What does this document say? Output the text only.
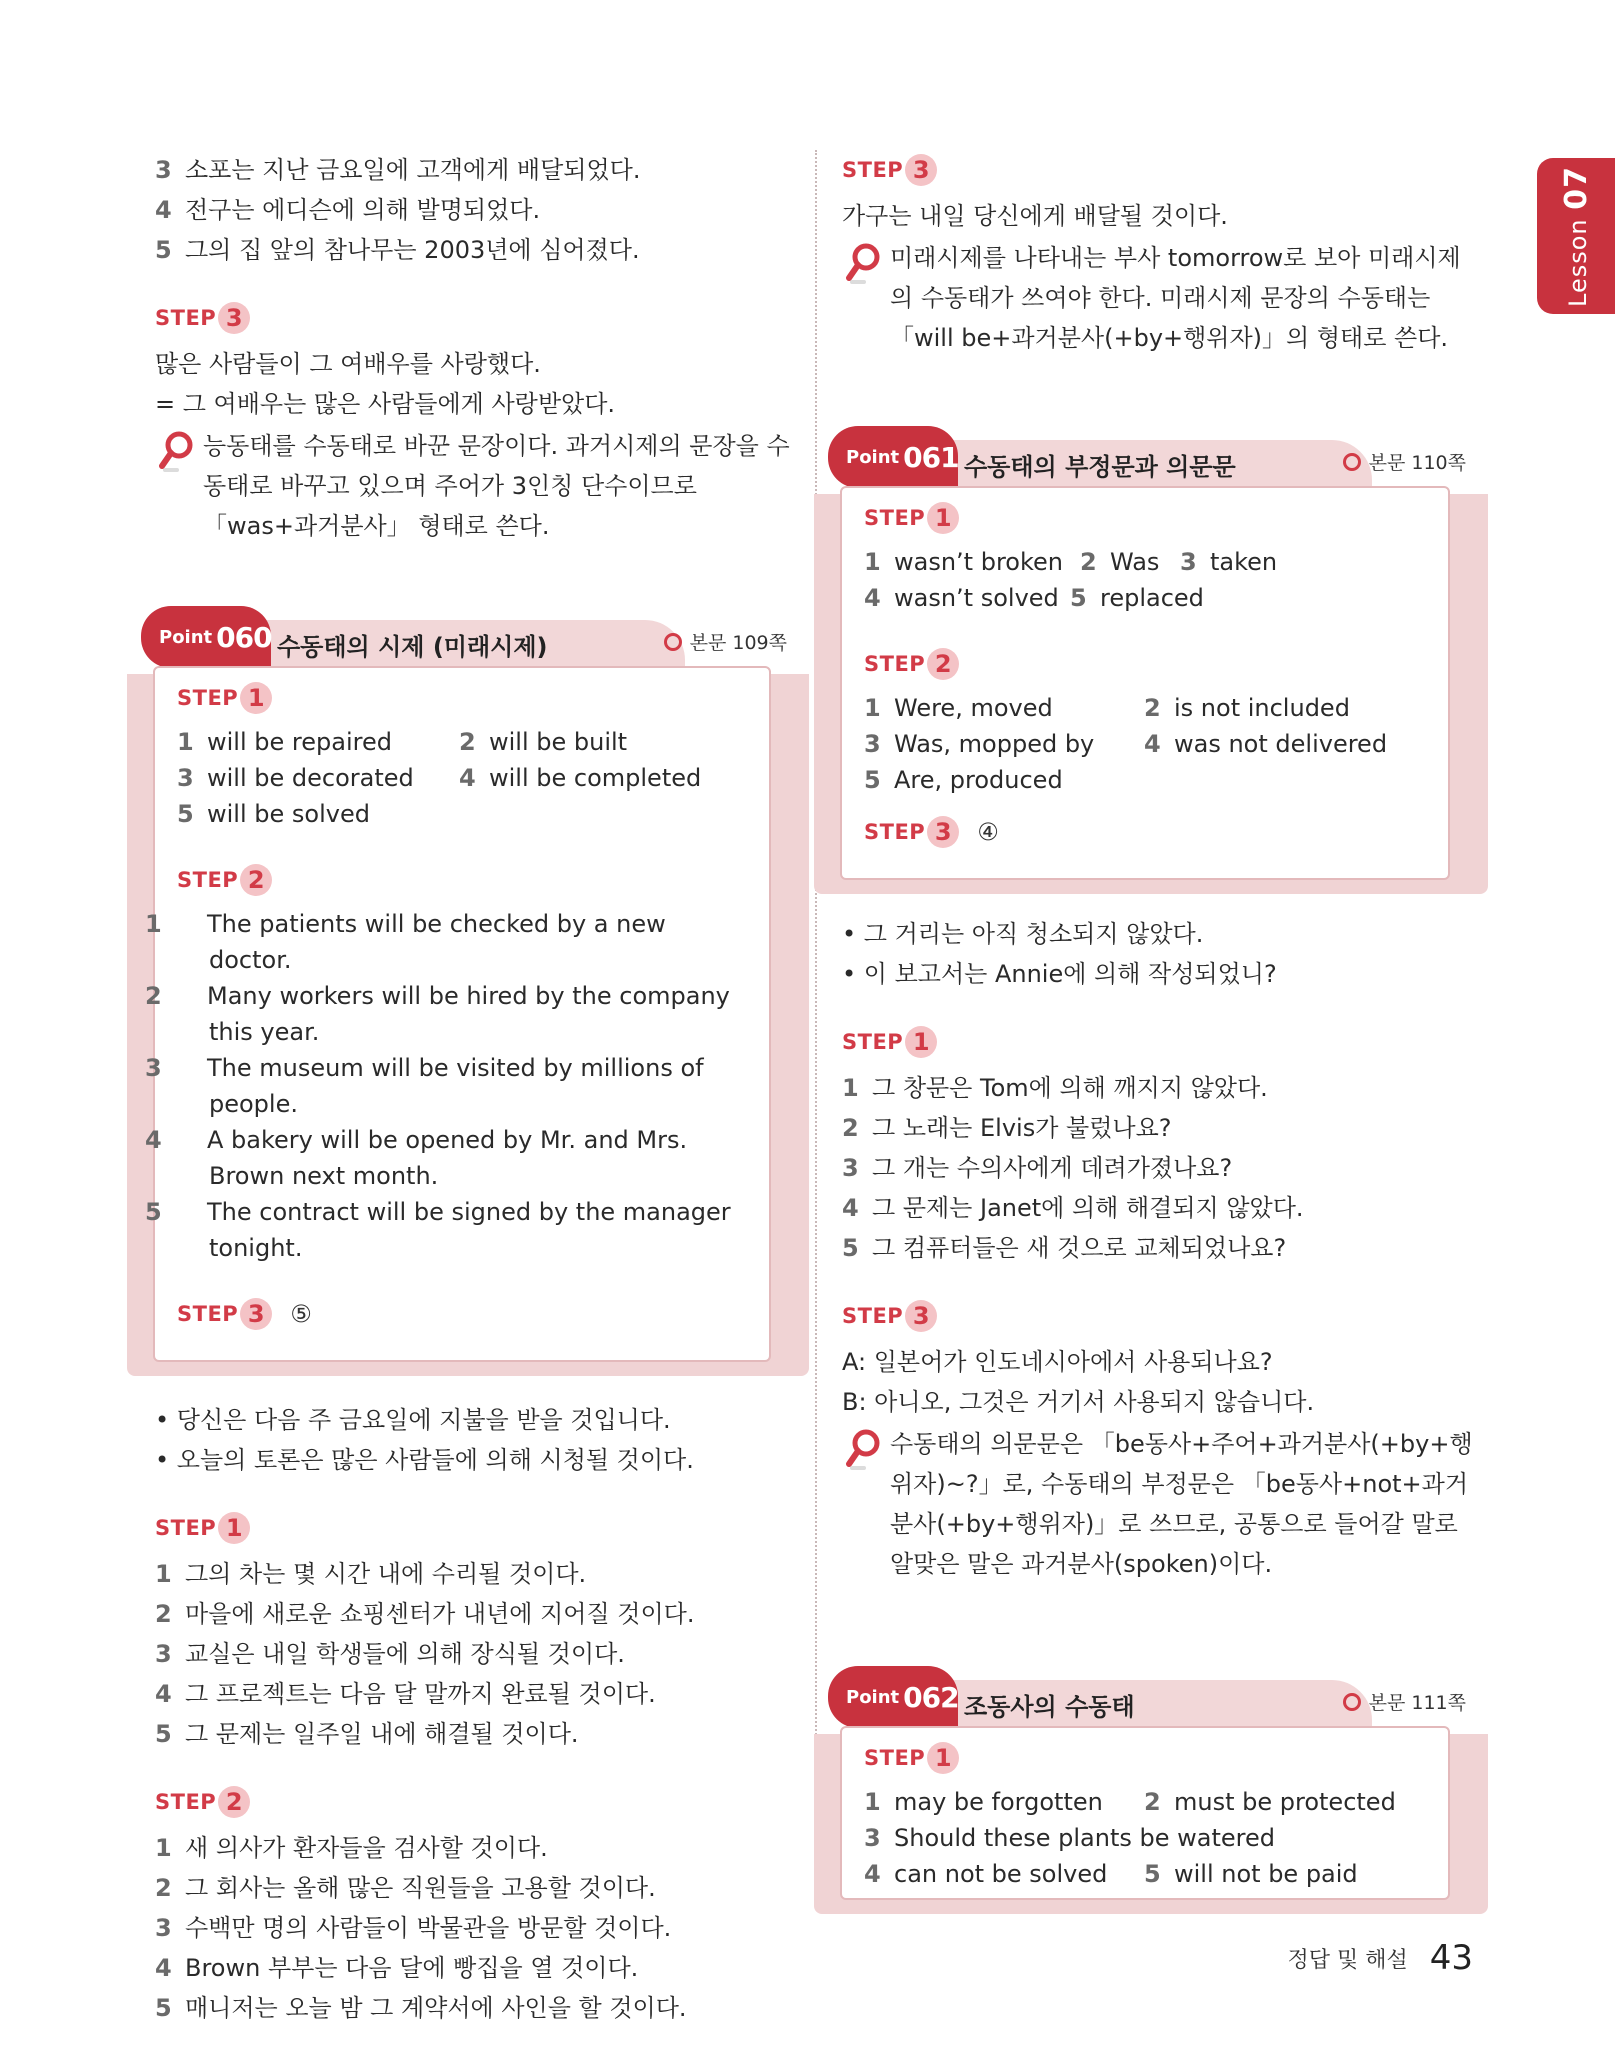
3 소포는 지난 금요일에 고객에게 배달되었다.
4 전구는 에디슨에 의해 발명되었다.
5 그의 집 앞의 참나무는 2003년에 심어졌다.
STEP 3
많은 사람들이 그 여배우를 사랑했다.
= 그 여배우는 많은 사람들에게 사랑받았다.
능동태를 수동태로 바꾼 문장이다. 과거시제의 문장을 수동태로 바꾸고 있으며 주어가 3인칭 단수이므로 「was+과거분사」 형태로 쓴다.
수동태의 시제 (미래시제)
Point 060	본문 109쪽
STEP 1
1 will be repaired	2 will be built
3 will be decorated	4 will be completed
5 will be solved
STEP 2
1 The patients will be checked by a new doctor.
2 Many workers will be hired by the company this year.
3 The museum will be visited by millions of people.
4 A bakery will be opened by Mr. and Mrs. Brown next month.
5 The contract will be signed by the manager tonight.
STEP 3	⑤
• 당신은 다음 주 금요일에 지불을 받을 것입니다.
• 오늘의 토론은 많은 사람들에 의해 시청될 것이다.
STEP 1
1 그의 차는 몇 시간 내에 수리될 것이다.
2 마을에 새로운 쇼핑센터가 내년에 지어질 것이다.
3 교실은 내일 학생들에 의해 장식될 것이다.
4 그 프로젝트는 다음 달 말까지 완료될 것이다.
5 그 문제는 일주일 내에 해결될 것이다.
STEP 2
1 새 의사가 환자들을 검사할 것이다.
2 그 회사는 올해 많은 직원들을 고용할 것이다.
3 수백만 명의 사람들이 박물관을 방문할 것이다.
4 Brown 부부는 다음 달에 빵집을 열 것이다.
5 매니저는 오늘 밤 그 계약서에 사인을 할 것이다.
STEP 3
가구는 내일 당신에게 배달될 것이다.
미래시제를 나타내는 부사 tomorrow로 보아 미래시제의 수동태가 쓰여야 한다. 미래시제 문장의 수동태는 「will be+과거분사(+by+행위자)」의 형태로 쓴다.
수동태의 부정문과 의문문
Point 061	본문 110쪽
STEP 1
1 wasn’t broken 2 Was 3 taken
4 wasn’t solved 5 replaced
STEP 2
1 Were, moved	2 is not included
3 Was, mopped by	4 was not delivered
5 Are, produced
STEP 3	④
• 그 거리는 아직 청소되지 않았다.
• 이 보고서는 Annie에 의해 작성되었니?
STEP 1
1 그 창문은 Tom에 의해 깨지지 않았다.
2 그 노래는 Elvis가 불렀나요?
3 그 개는 수의사에게 데려가졌나요?
4 그 문제는 Janet에 의해 해결되지 않았다.
5 그 컴퓨터들은 새 것으로 교체되었나요?
STEP 3
A: 일본어가 인도네시아에서 사용되나요?
B: 아니오, 그것은 거기서 사용되지 않습니다.
수동태의 의문문은 「be동사+주어+과거분사(+by+행위자)~?」로, 수동태의 부정문은 「be동사+not+과거분사(+by+행위자)」로 쓰므로, 공통으로 들어갈 말로 알맞은 말은 과거분사(spoken)이다.
조동사의 수동태
Point 062	본문 111쪽
STEP 1
1 may be forgotten	2 must be protected
3 Should these plants be watered
4 can not be solved	5 will not be paid
Lesson 07
정답 및 해설 43
